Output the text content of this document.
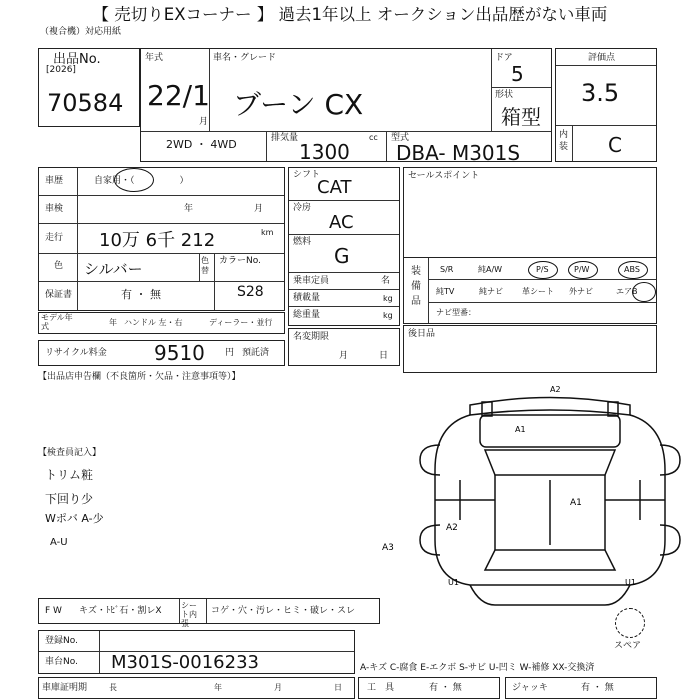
【 売切りEXコーナー 】 過去1年以上 オークション出品歴がない車両
（複合機）対応用紙
出品No.
[2026]
70584
年式
22/1
月
車名・グレード
ブーン CX
ドア
5
形状
箱型
2WD ・ 4WD	排気量	cc
1300
型式
DBA- M301S
評価点
3.5
内装 C
車歴	自家用・（　　　　　）
車検	年	月
走行 10万 6千 212	km
色 シルバー	色替
カラーNo.
保証書	有 ・ 無	S28
モデル年式	年 ハンドル 左・右	ディーラー・並行
シフト
CAT
冷房
AC
燃料
G
乗車定員	名
積載量	kg
総重量	kg
セールスポイント
装備品
S/R	純A/W	P/S	P/W	ABS
純TV	純ナビ 革シート 外ナビ	エアB
ナビ型番：
リサイクル料金 9510 円 預託済
名変期限
月	日
後日品
【出品店申告欄（不良箇所・欠品・注意事項等）】
【検査員記入】
トリム粧
下回り少
Wポバ A-少
A-U
A2
A1
A1
A2
A3
U1	U1
スペア
F W キズ・ﾄﾋﾞ石・割レX
シート内張
コゲ・穴・汚レ・ヒミ・破レ・スレ
登録No.
車台No. M301S-0016233	A-キズ C-腐食 E-エクボ S-サビ U-凹ミ W-補修 XX-交換済
車庫証明期	長	年	月	日	工　具	有 ・ 無	ジャッキ	有 ・ 無
